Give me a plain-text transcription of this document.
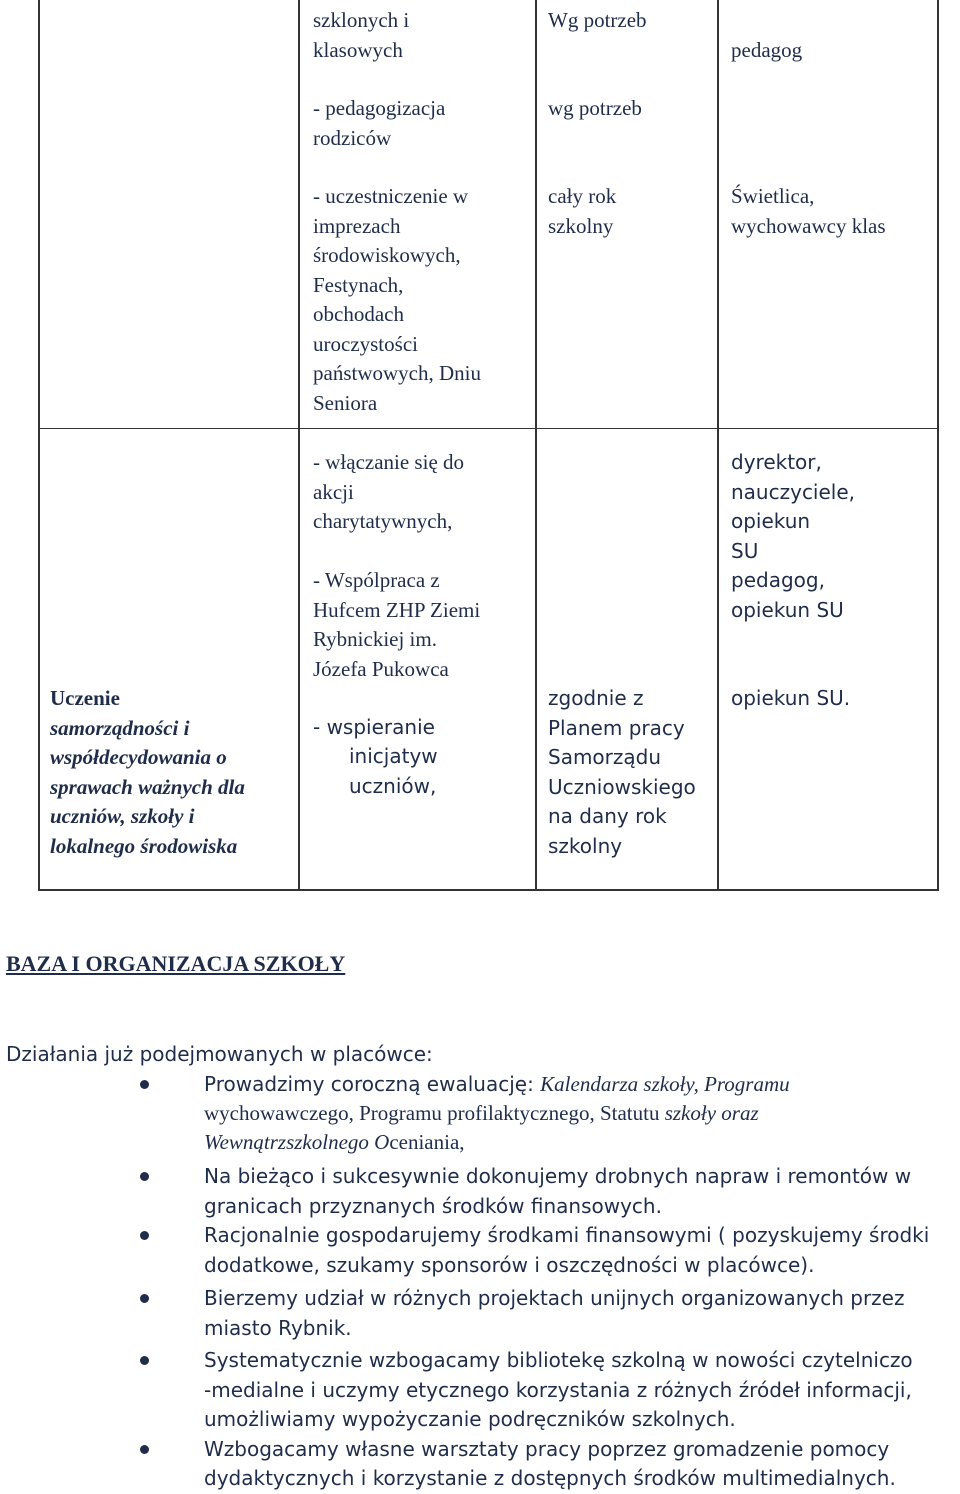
szklonych i
klasowych
- pedagogizacja
rodziców
- uczestniczenie w
imprezach
środowiskowych,
Festynach,
obchodach
uroczystości
państwowych, Dniu
Seniora
Wg potrzeb
wg potrzeb
cały rok
szkolny
pedagog
Świetlica,
wychowawcy klas
Uczenie
samorządności i
współdecydowania o
sprawach ważnych dla
uczniów, szkoły i
lokalnego środowiska
- włączanie się do
akcji
charytatywnych,
- Wspólpraca z
Hufcem ZHP Ziemi
Rybnickiej im.
Józefa Pukowca
- wspieranie
inicjatyw
uczniów,
zgodnie z
Planem pracy
Samorządu
Uczniowskiego
na dany rok
szkolny
dyrektor,
nauczyciele,
opiekun
SU
pedagog,
opiekun SU
opiekun SU.
BAZA I ORGANIZACJA SZKOŁY
Działania już podejmowanych w placówce:
Prowadzimy coroczną ewaluację: Kalendarza szkoły, Programu
wychowawczego, Programu profilaktycznego, Statutu szkoły oraz
Wewnątrzszkolnego Oceniania,
Na bieżąco i sukcesywnie dokonujemy drobnych napraw i remontów w
granicach przyznanych środków finansowych.
Racjonalnie gospodarujemy środkami finansowymi ( pozyskujemy środki
dodatkowe, szukamy sponsorów i oszczędności w placówce).
Bierzemy udział w różnych projektach unijnych organizowanych przez
miasto Rybnik.
Systematycznie wzbogacamy bibliotekę szkolną w nowości czytelniczo
-medialne i uczymy etycznego korzystania z różnych źródeł informacji,
umożliwiamy wypożyczanie podręczników szkolnych.
Wzbogacamy własne warsztaty pracy poprzez gromadzenie pomocy
dydaktycznych i korzystanie z dostępnych środków multimedialnych.
